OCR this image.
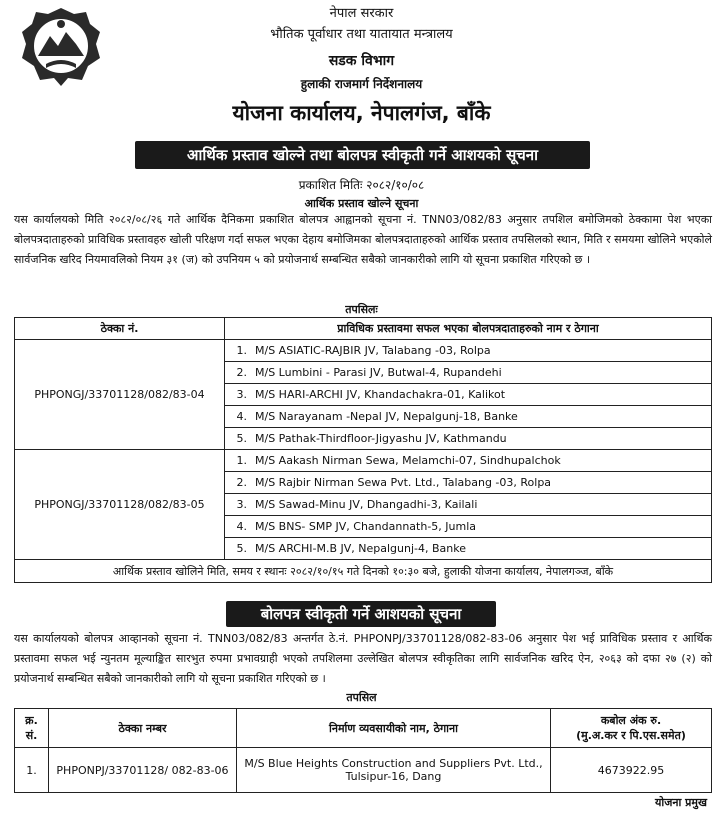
नेपाल सरकार
भौतिक पूर्वाधार तथा यातायात मन्त्रालय
सडक विभाग
हुलाकी राजमार्ग निर्देशनालय
योजना कार्यालय, नेपालगंज, बाँके
आर्थिक प्रस्ताव खोल्ने तथा बोलपत्र स्वीकृती गर्ने आशयको सूचना
प्रकाशित मितिः २०८२/१०/०८
आर्थिक प्रस्ताव खोल्ने सूचना
यस कार्यालयको मिति २०८२/०८/२६ गते आर्थिक दैनिकमा प्रकाशित बोलपत्र आह्वानको सूचना नं. TNN03/082/83 अनुसार तपशिल बमोजिमको ठेक्कामा पेश भएका बोलपत्रदाताहरुको प्राविधिक प्रस्तावहरु खोली परिक्षण गर्दा सफल भएका देहाय बमोजिमका बोलपत्रदाताहरुको आर्थिक प्रस्ताव तपसिलको स्थान, मिति र समयमा खोलिने भएकोले सार्वजनिक खरिद नियमावलिको नियम ३१ (ज) को उपनियम ५ को प्रयोजनार्थ सम्बन्धित सबैको जानकारीको लागि यो सूचना प्रकाशित गरिएको छ ।
तपसिलः
ठेक्का नं.	प्राविधिक प्रस्तावमा सफल भएका बोलपत्रदाताहरुको नाम र ठेगाना
PHPONGJ/33701128/082/83-04	1. M/S ASIATIC-RAJBIR JV, Talabang -03, Rolpa
	2. M/S Lumbini - Parasi JV, Butwal-4, Rupandehi
	3. M/S HARI-ARCHI JV, Khandachakra-01, Kalikot
	4. M/S Narayanam -Nepal JV, Nepalgunj-18, Banke
	5. M/S Pathak-Thirdfloor-Jigyashu JV, Kathmandu
PHPONGJ/33701128/082/83-05	1. M/S Aakash Nirman Sewa, Melamchi-07, Sindhupalchok
	2. M/S Rajbir Nirman Sewa Pvt. Ltd., Talabang -03, Rolpa
	3. M/S Sawad-Minu JV, Dhangadhi-3, Kailali
	4. M/S BNS- SMP JV, Chandannath-5, Jumla
	5. M/S ARCHI-M.B JV, Nepalgunj-4, Banke
आर्थिक प्रस्ताव खोलिने मिति, समय र स्थानः २०८२/१०/१५ गते दिनको १०:३० बजे, हुलाकी योजना कार्यालय, नेपालगञ्ज, बाँके	
बोलपत्र स्वीकृती गर्ने आशयको सूचना
यस कार्यालयको बोलपत्र आव्हानको सूचना नं. TNN03/082/83 अन्तर्गत ठे.नं. PHPONPJ/33701128/082-83-06 अनुसार पेश भई प्राविधिक प्रस्ताव र आर्थिक प्रस्तावमा सफल भई न्युनतम मूल्याङ्कित सारभुत रुपमा प्रभावग्राही भएको तपशिलमा उल्लेखित बोलपत्र स्वीकृतिका लागि सार्वजनिक खरिद ऐन, २०६३ को दफा २७ (२) को प्रयोजनार्थ सम्बन्धित सबैको जानकारीको लागि यो सूचना प्रकाशित गरिएको छ ।
तपसिल
क्र. सं.	ठेक्का नम्बर	निर्माण व्यवसायीको नाम, ठेगाना	कबोल अंक रु.
(मु.अ.कर र पि.एस.समेत)

1.	PHPONPJ/33701128/ 082-83-06	M/S Blue Heights Construction and Suppliers Pvt. Ltd.,
Tulsipur-16, Dang	4673922.95
योजना प्रमुख
